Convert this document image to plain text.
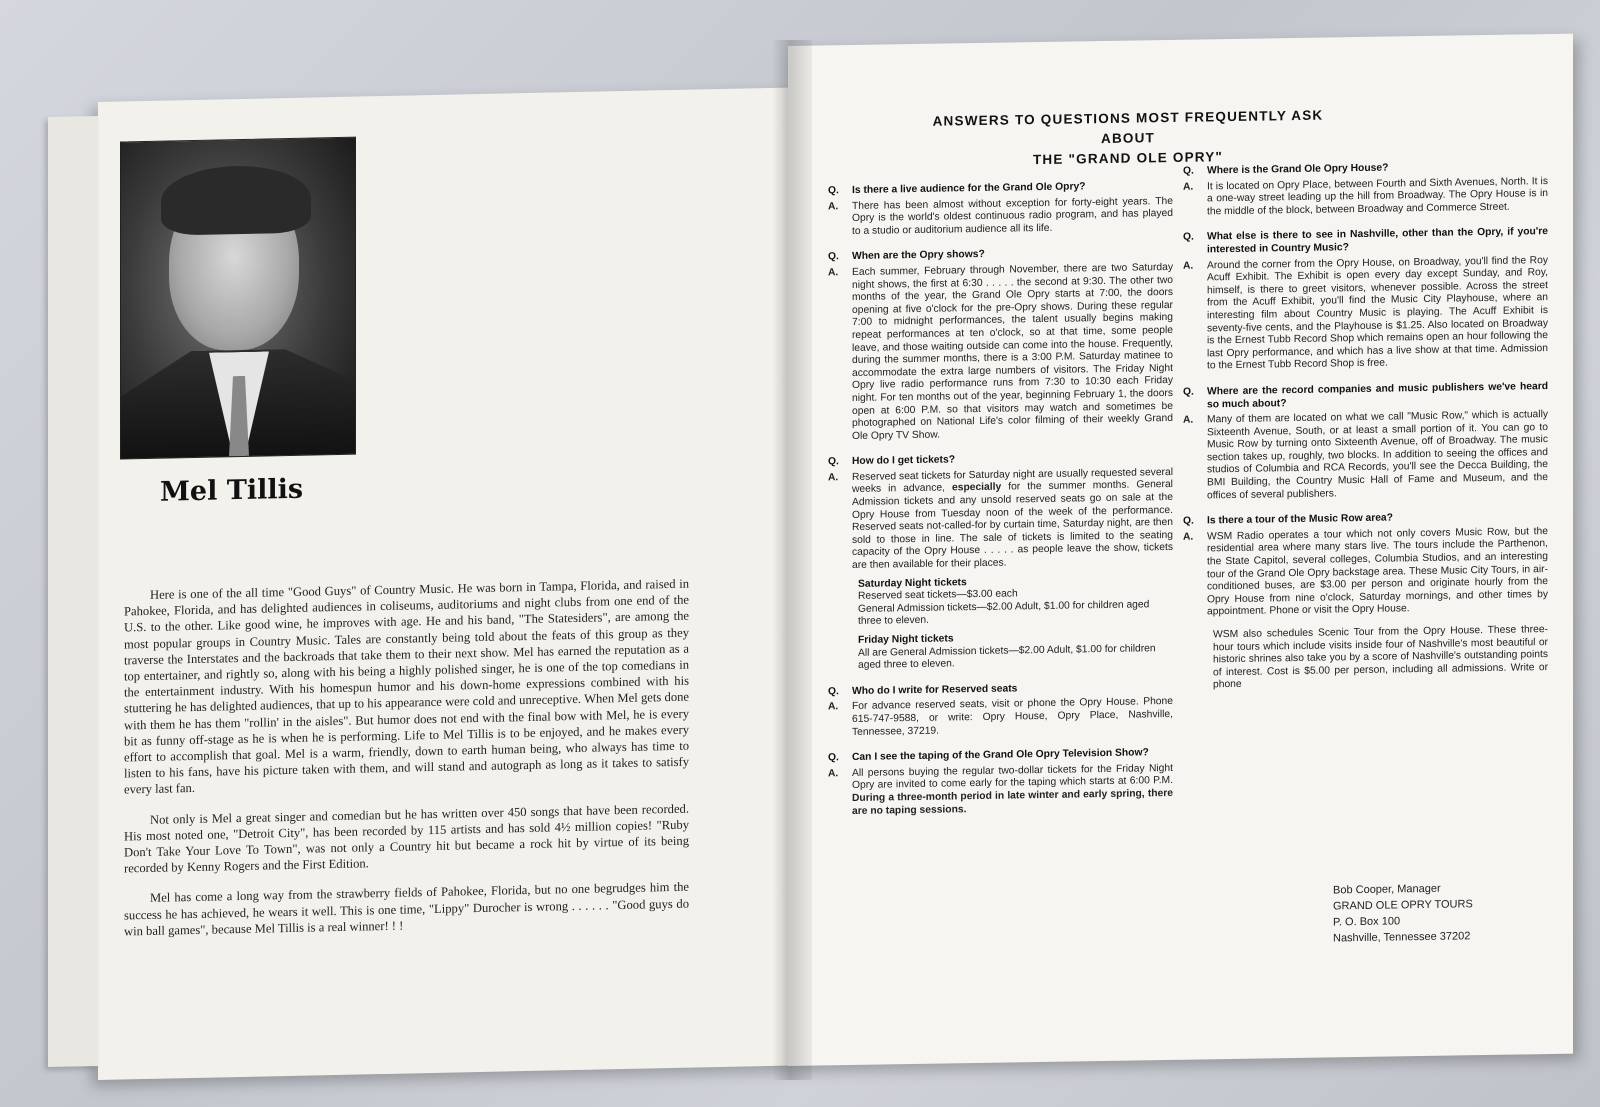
Mel Tillis

Here is one of the all time "Good Guys" of Country Music. He was born in Tampa, Florida, and raised in Pahokee, Florida, and has delighted audiences in coliseums, auditoriums and night clubs from one end of the U.S. to the other. Like good wine, he improves with age. He and his band, "The Statesiders", are among the most popular groups in Country Music. Tales are constantly being told about the feats of this group as they traverse the Interstates and the backroads that take them to their next show. Mel has earned the reputation as a top entertainer, and rightly so, along with his being a highly polished singer, he is one of the top comedians in the entertainment industry. With his homespun humor and his down-home expressions combined with his stuttering he has delighted audiences, that up to his appearance were cold and unreceptive. When Mel gets done with them he has them "rollin' in the aisles". But humor does not end with the final bow with Mel, he is every bit as funny off-stage as he is when he is performing. Life to Mel Tillis is to be enjoyed, and he makes every effort to accomplish that goal. Mel is a warm, friendly, down to earth human being, who always has time to listen to his fans, have his picture taken with them, and will stand and autograph as long as it takes to satisfy every last fan.

Not only is Mel a great singer and comedian but he has written over 450 songs that have been recorded. His most noted one, "Detroit City", has been recorded by 115 artists and has sold 4½ million copies! "Ruby Don't Take Your Love To Town", was not only a Country hit but became a rock hit by virtue of its being recorded by Kenny Rogers and the First Edition.

Mel has come a long way from the strawberry fields of Pahokee, Florida, but no one begrudges him the success he has achieved, he wears it well. This is one time, "Lippy" Durocher is wrong . . . . . . "Good guys do win ball games", because Mel Tillis is a real winner! ! !

ANSWERS TO QUESTIONS MOST FREQUENTLY ASK ABOUT
THE "GRAND OLE OPRY"
Q.	Is there a live audience for the Grand Ole Opry?
A.	There has been almost without exception for forty-eight years. The Opry is the world's oldest continuous radio program, and has played to a studio or auditorium audience all its life.
Q.	When are the Opry shows?
A.	Each summer, February through November, there are two Saturday night shows, the first at 6:30 . . . . . the second at 9:30. The other two months of the year, the Grand Ole Opry starts at 7:00, the doors opening at five o'clock for the pre-Opry shows. During these regular 7:00 to midnight performances, the talent usually begins making repeat performances at ten o'clock, so at that time, some people leave, and those waiting outside can come into the house. Frequently, during the summer months, there is a 3:00 P.M. Saturday matinee to accommodate the extra large numbers of visitors. The Friday Night Opry live radio performance runs from 7:30 to 10:30 each Friday night. For ten months out of the year, beginning February 1, the doors open at 6:00 P.M. so that visitors may watch and sometimes be photographed on National Life's color filming of their weekly Grand Ole Opry TV Show.
Q.	How do I get tickets?
A.	Reserved seat tickets for Saturday night are usually requested several weeks in advance, especially for the summer months. General Admission tickets and any unsold reserved seats go on sale at the Opry House from Tuesday noon of the week of the performance. Reserved seats not-called-for by curtain time, Saturday night, are then sold to those in line. The sale of tickets is limited to the seating capacity of the Opry House . . . . . as people leave the show, tickets are then available for their places.
Saturday Night tickets
Reserved seat tickets—$3.00 each
General Admission tickets—$2.00 Adult, $1.00 for children aged three to eleven.
Friday Night tickets
All are General Admission tickets—$2.00 Adult, $1.00 for children aged three to eleven.
Q.	Who do I write for Reserved seats
A.	For advance reserved seats, visit or phone the Opry House. Phone 615-747-9588, or write: Opry House, Opry Place, Nashville, Tennessee, 37219.
Q.	Can I see the taping of the Grand Ole Opry Television Show?
A.	All persons buying the regular two-dollar tickets for the Friday Night Opry are invited to come early for the taping which starts at 6:00 P.M. During a three-month period in late winter and early spring, there are no taping sessions.
Q.	Where is the Grand Ole Opry House?
A.	It is located on Opry Place, between Fourth and Sixth Avenues, North. It is a one-way street leading up the hill from Broadway. The Opry House is in the middle of the block, between Broadway and Commerce Street.
Q.	What else is there to see in Nashville, other than the Opry, if you're interested in Country Music?
A.	Around the corner from the Opry House, on Broadway, you'll find the Roy Acuff Exhibit. The Exhibit is open every day except Sunday, and Roy, himself, is there to greet visitors, whenever possible. Across the street from the Acuff Exhibit, you'll find the Music City Playhouse, where an interesting film about Country Music is playing. The Acuff Exhibit is seventy-five cents, and the Playhouse is $1.25. Also located on Broadway is the Ernest Tubb Record Shop which remains open an hour following the last Opry performance, and which has a live show at that time. Admission to the Ernest Tubb Record Shop is free.
Q.	Where are the record companies and music publishers we've heard so much about?
A.	Many of them are located on what we call "Music Row," which is actually Sixteenth Avenue, South, or at least a small portion of it. You can go to Music Row by turning onto Sixteenth Avenue, off of Broadway. The music section takes up, roughly, two blocks. In addition to seeing the offices and studios of Columbia and RCA Records, you'll see the Decca Building, the BMI Building, the Country Music Hall of Fame and Museum, and the offices of several publishers.
Q.	Is there a tour of the Music Row area?
A.	WSM Radio operates a tour which not only covers Music Row, but the residential area where many stars live. The tours include the Parthenon, the State Capitol, several colleges, Columbia Studios, and an interesting tour of the Grand Ole Opry backstage area. These Music City Tours, in air-conditioned buses, are $3.00 per person and originate hourly from the Opry House from nine o'clock, Saturday mornings, and other times by appointment. Phone or visit the Opry House.
WSM also schedules Scenic Tour from the Opry House. These three-hour tours which include visits inside four of Nashville's most beautiful or historic shrines also take you by a score of Nashville's outstanding points of interest. Cost is $5.00 per person, including all admissions. Write or phone
Bob Cooper, Manager
GRAND OLE OPRY TOURS
P. O. Box 100
Nashville, Tennessee 37202
